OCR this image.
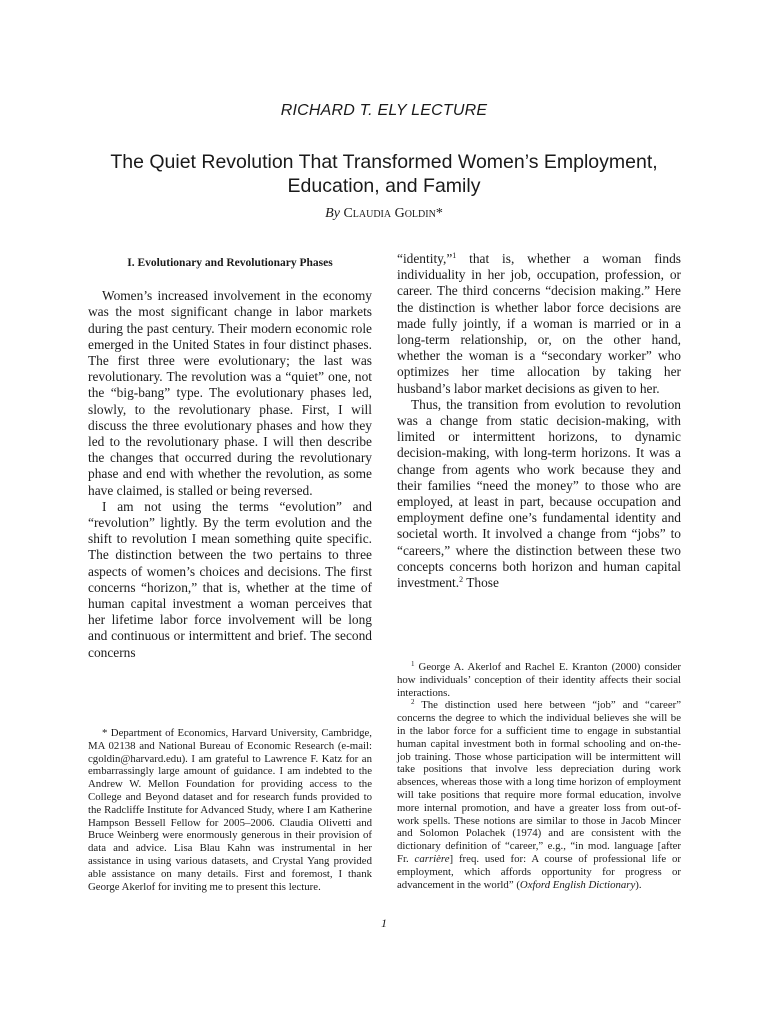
RICHARD T. ELY LECTURE
The Quiet Revolution That Transformed Women’s Employment,
Education, and Family
By Claudia Goldin*
I. Evolutionary and Revolutionary Phases

Women’s increased involvement in the economy was the most significant change in labor markets during the past century. Their modern economic role emerged in the United States in four distinct phases. The first three were evolutionary; the last was revolutionary. The revolution was a “quiet” one, not the “big-bang” type. The evolutionary phases led, slowly, to the revolutionary phase. First, I will discuss the three evolutionary phases and how they led to the revolutionary phase. I will then describe the changes that occurred during the revolutionary phase and end with whether the revolution, as some have claimed, is stalled or being reversed.

I am not using the terms “evolution” and “revolution” lightly. By the term evolution and the shift to revolution I mean something quite specific. The distinction between the two pertains to three aspects of women’s choices and decisions. The first concerns “horizon,” that is, whether at the time of human capital investment a woman perceives that her lifetime labor force involvement will be long and continuous or intermittent and brief. The second concerns

* Department of Economics, Harvard University, Cambridge, MA 02138 and National Bureau of Economic Research (e-mail: cgoldin@harvard.edu). I am grateful to Lawrence F. Katz for an embarrassingly large amount of guidance. I am indebted to the Andrew W. Mellon Foundation for providing access to the College and Beyond dataset and for research funds provided to the Radcliffe Institute for Advanced Study, where I am Katherine Hampson Bessell Fellow for 2005–2006. Claudia Olivetti and Bruce Weinberg were enormously generous in their provision of data and advice. Lisa Blau Kahn was instrumental in her assistance in using various datasets, and Crystal Yang provided able assistance on many details. First and foremost, I thank George Akerlof for inviting me to present this lecture.

“identity,”$^1$ that is, whether a woman finds individuality in her job, occupation, profession, or career. The third concerns “decision making.” Here the distinction is whether labor force decisions are made fully jointly, if a woman is married or in a long-term relationship, or, on the other hand, whether the woman is a “secondary worker” who optimizes her time allocation by taking her husband’s labor market decisions as given to her.

Thus, the transition from evolution to revolution was a change from static decision-making, with limited or intermittent horizons, to dynamic decision-making, with long-term horizons. It was a change from agents who work because they and their families “need the money” to those who are employed, at least in part, because occupation and employment define one’s fundamental identity and societal worth. It involved a change from “jobs” to “careers,” where the distinction between these two concepts concerns both horizon and human capital investment.$^2$ Those

$^1$ George A. Akerlof and Rachel E. Kranton (2000) consider how individuals’ conception of their identity affects their social interactions.

$^2$ The distinction used here between “job” and “career” concerns the degree to which the individual believes she will be in the labor force for a sufficient time to engage in substantial human capital investment both in formal schooling and on-the-job training. Those whose participation will be intermittent will take positions that involve less depreciation during work absences, whereas those with a long time horizon of employment will take positions that require more formal education, involve more internal promotion, and have a greater loss from out-of-work spells. These notions are similar to those in Jacob Mincer and Solomon Polachek (1974) and are consistent with the dictionary definition of “career,” e.g., “in mod. language [after Fr. carrière] freq. used for: A course of professional life or employment, which affords opportunity for progress or advancement in the world” (Oxford English Dictionary).

1
